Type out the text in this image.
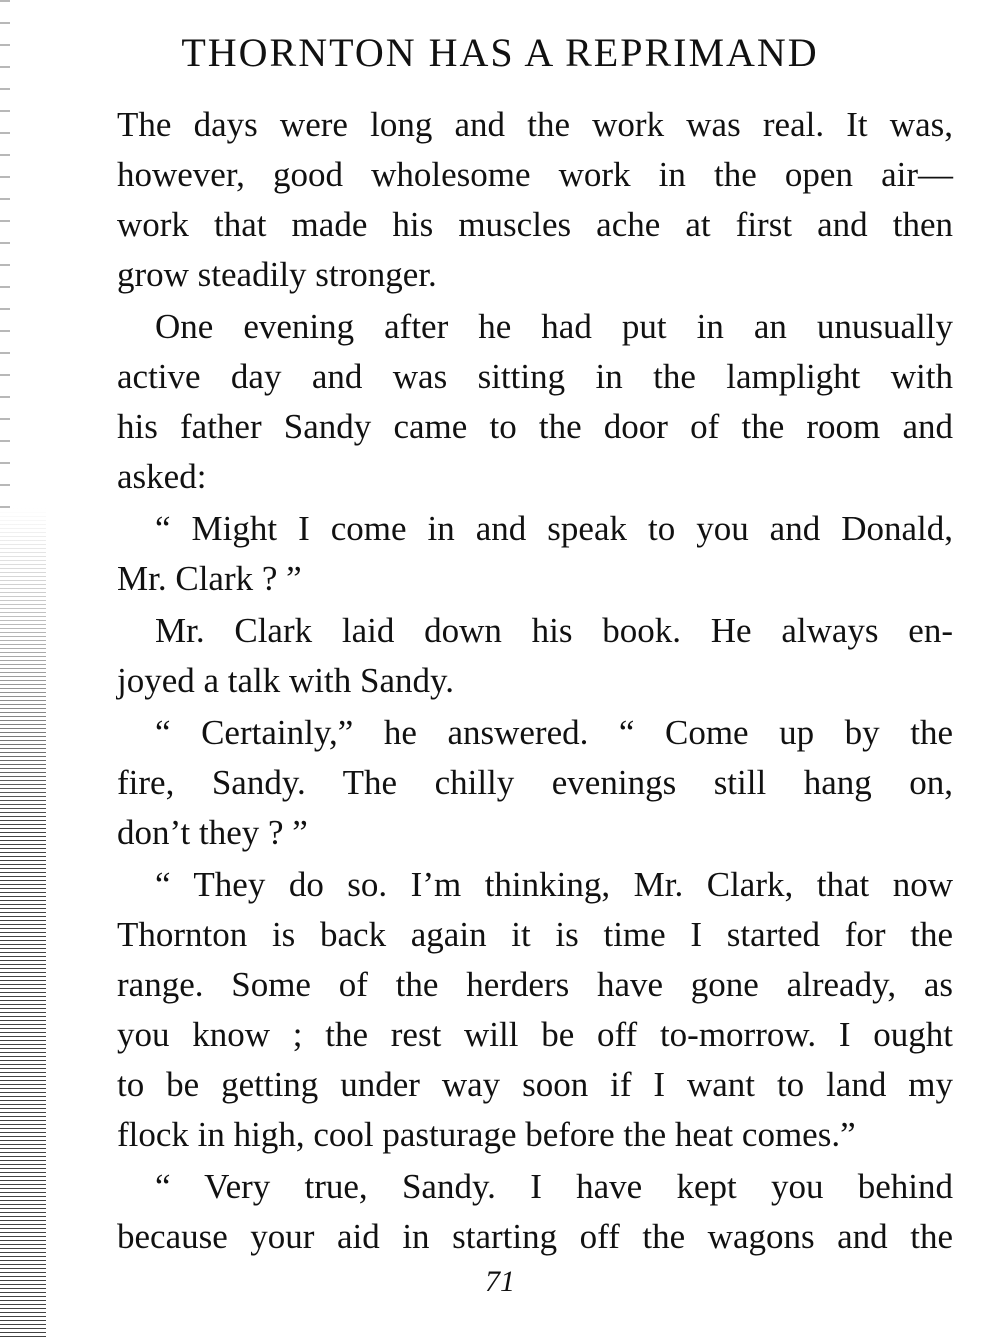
THORNTON HAS A REPRIMAND
The days were long and the work was real. It was,
however, good wholesome work in the open air—
work that made his muscles ache at first and then
grow steadily stronger.
One evening after he had put in an unusually
active day and was sitting in the lamplight with
his father Sandy came to the door of the room and
asked:
“ Might I come in and speak to you and Donald,
Mr. Clark ? ”
Mr. Clark laid down his book. He always en-
joyed a talk with Sandy.
“ Certainly,” he answered. “ Come up by the
fire, Sandy. The chilly evenings still hang on,
don’t they ? ”
“ They do so. I’m thinking, Mr. Clark, that now
Thornton is back again it is time I started for the
range. Some of the herders have gone already, as
you know ; the rest will be off to-morrow. I ought
to be getting under way soon if I want to land my
flock in high, cool pasturage before the heat comes.”
“ Very true, Sandy. I have kept you behind
because your aid in starting off the wagons and the
71
